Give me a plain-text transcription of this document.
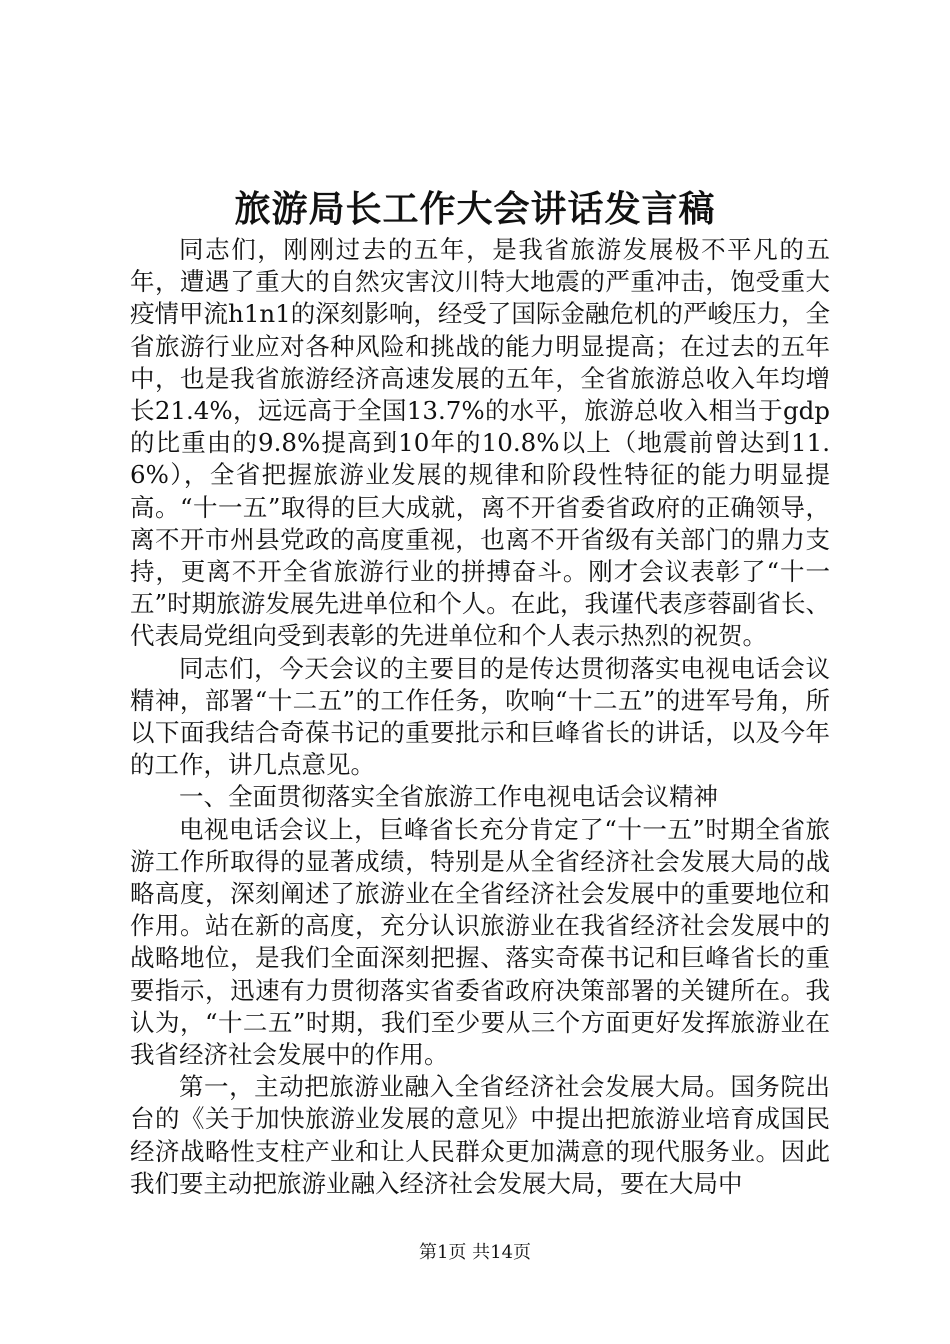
旅游局长工作大会讲话发言稿

同志们，刚刚过去的五年，是我省旅游发展极不平凡的五年，遭遇了重大的自然灾害汶川特大地震的严重冲击，饱受重大疫情甲流h1n1的深刻影响，经受了国际金融危机的严峻压力，全省旅游行业应对各种风险和挑战的能力明显提高；在过去的五年中，也是我省旅游经济高速发展的五年，全省旅游总收入年均增长21.4%，远远高于全国13.7%的水平，旅游总收入相当于gdp的比重由的9.8%提高到10年的10.8%以上（地震前曾达到11.6%），全省把握旅游业发展的规律和阶段性特征的能力明显提高。“十一五”取得的巨大成就，离不开省委省政府的正确领导，离不开市州县党政的高度重视，也离不开省级有关部门的鼎力支持，更离不开全省旅游行业的拼搏奋斗。刚才会议表彰了“十一五”时期旅游发展先进单位和个人。在此，我谨代表彦蓉副省长、代表局党组向受到表彰的先进单位和个人表示热烈的祝贺。

同志们，今天会议的主要目的是传达贯彻落实电视电话会议精神，部署“十二五”的工作任务，吹响“十二五”的进军号角，所以下面我结合奇葆书记的重要批示和巨峰省长的讲话，以及今年的工作，讲几点意见。

一、全面贯彻落实全省旅游工作电视电话会议精神

电视电话会议上，巨峰省长充分肯定了“十一五”时期全省旅游工作所取得的显著成绩，特别是从全省经济社会发展大局的战略高度，深刻阐述了旅游业在全省经济社会发展中的重要地位和作用。站在新的高度，充分认识旅游业在我省经济社会发展中的战略地位，是我们全面深刻把握、落实奇葆书记和巨峰省长的重要指示，迅速有力贯彻落实省委省政府决策部署的关键所在。我认为，“十二五”时期，我们至少要从三个方面更好发挥旅游业在我省经济社会发展中的作用。

第一，主动把旅游业融入全省经济社会发展大局。国务院出台的《关于加快旅游业发展的意见》中提出把旅游业培育成国民经济战略性支柱产业和让人民群众更加满意的现代服务业。因此我们要主动把旅游业融入经济社会发展大局，要在大局中

第1页 共14页
